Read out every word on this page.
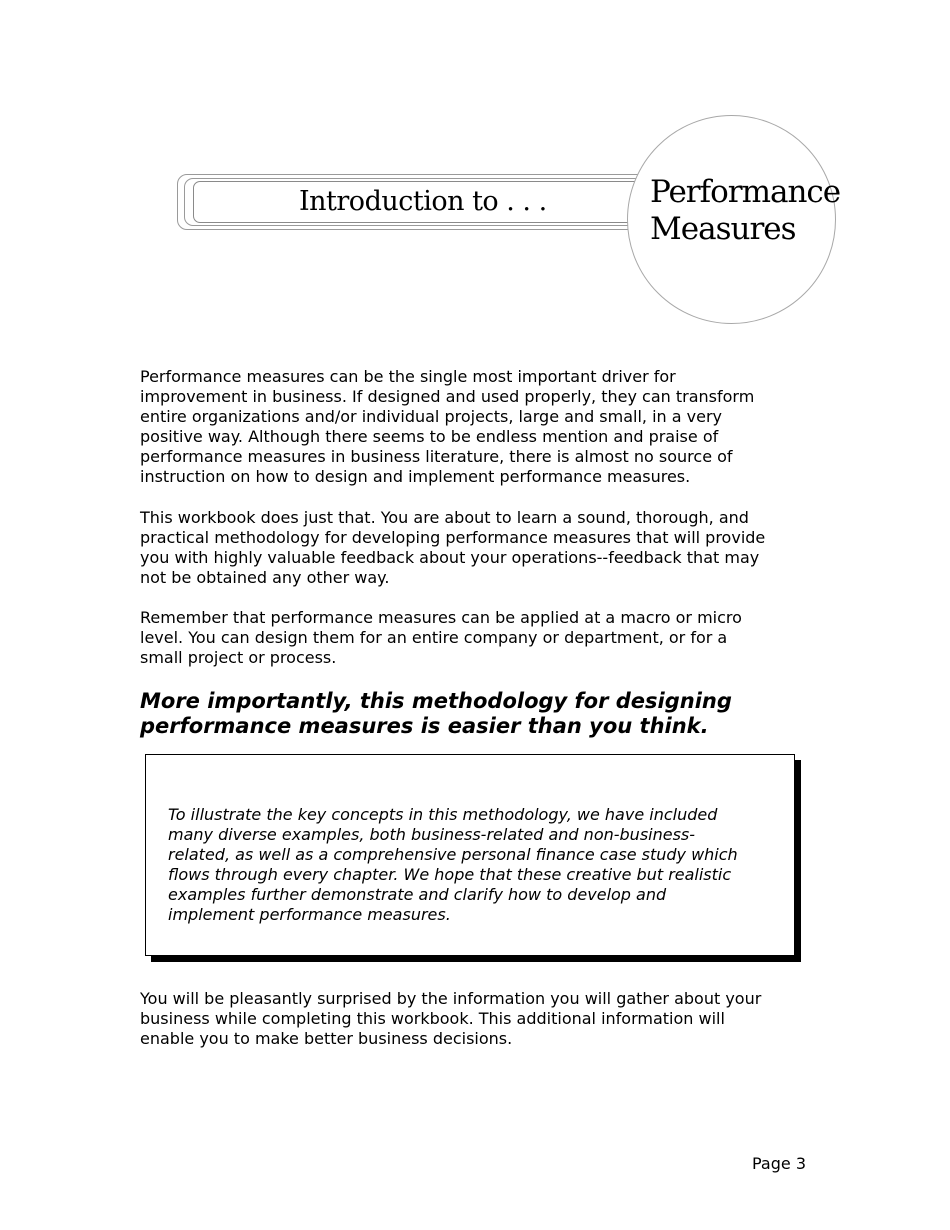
Introduction to . . .	Performance
Measures
Performance measures can be the single most important driver for
improvement in business. If designed and used properly, they can transform
entire organizations and/or individual projects, large and small, in a very
positive way. Although there seems to be endless mention and praise of
performance measures in business literature, there is almost no source of
instruction on how to design and implement performance measures.
This workbook does just that. You are about to learn a sound, thorough, and
practical methodology for developing performance measures that will provide
you with highly valuable feedback about your operations--feedback that may
not be obtained any other way.
Remember that performance measures can be applied at a macro or micro
level. You can design them for an entire company or department, or for a
small project or process.
More importantly, this methodology for designing
performance measures is easier than you think.
To illustrate the key concepts in this methodology, we have included
many diverse examples, both business-related and non-business-
related, as well as a comprehensive personal finance case study which
flows through every chapter. We hope that these creative but realistic
examples further demonstrate and clarify how to develop and
implement performance measures.
You will be pleasantly surprised by the information you will gather about your
business while completing this workbook. This additional information will
enable you to make better business decisions.
Page 3
